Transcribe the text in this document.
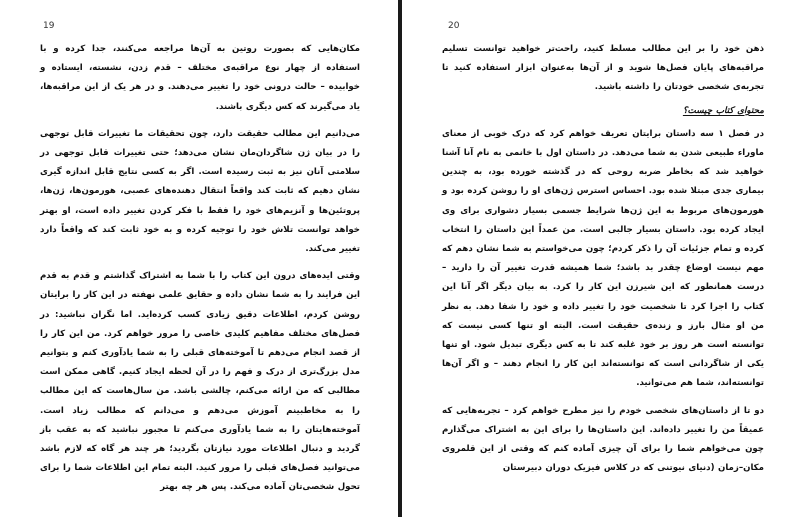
19

مکان‌هایی که بصورت روتین به آن‌ها مراجعه می‌کنند، جدا کرده و با استفاده از چهار نوع مراقبه‌ی مختلف – قدم زدن، نشسته، ایستاده و خوابیده – حالت درونی خود را تغییر می‌دهند. و در هر یک از این مراقبه‌ها، یاد می‌گیرند که کس دیگری باشند.

می‌دانیم این مطالب حقیقت دارد، چون تحقیقات ما تغییرات قابل توجهی را در بیان ژن شاگردان‌مان نشان می‌دهد؛ حتی تغییرات قابل توجهی در سلامتی آنان نیز به ثبت رسیده است. اگر به کسی نتایج قابل اندازه گیری نشان دهیم که ثابت کند واقعاً انتقال دهنده‌های عصبی، هورمون‌ها، ژن‌ها، پروتئین‌ها و آنزیم‌های خود را فقط با فکر کردن تغییر داده است، او بهتر خواهد توانست تلاش خود را توجیه کرده و به خود ثابت کند که واقعاً دارد تغییر می‌کند.

وقتی ایده‌های درون این کتاب را با شما به اشتراک گذاشتم و قدم به قدم این فرایند را به شما نشان داده و حقایق علمی نهفته در این کار را برایتان روشن کردم، اطلاعات دقیق زیادی کسب کرده‌اید. اما نگران نباشید: در فصل‌های مختلف مفاهیم کلیدی خاصی را مرور خواهم کرد. من این کار را از قصد انجام می‌دهم تا آموخته‌های قبلی را به شما یادآوری کنم و بتوانیم مدل بزرگ‌تری از درک و فهم را در آن لحظه ایجاد کنیم. گاهی ممکن است مطالبی که من ارائه می‌کنم، چالشی باشد. من سال‌هاست که این مطالب را به مخاطبینم آموزش می‌دهم و می‌دانم که مطالب زیاد است. آموخته‌هایتان را به شما یادآوری می‌کنم تا مجبور نباشید که به عقب باز گردید و دنبال اطلاعات مورد نیازتان بگردید؛ هر چند هر گاه که لازم باشد می‌توانید فصل‌های قبلی را مرور کنید. البته تمام این اطلاعات شما را برای تحول شخصی‌تان آماده می‌کند. پس هر چه بهتر

20

ذهن خود را بر این مطالب مسلط کنید، راحت‌تر خواهید توانست تسلیم مراقبه‌های پایان فصل‌ها شوید و از آن‌ها به‌عنوان ابزار استفاده کنید تا تجربه‌ی شخصی خودتان را داشته باشید.

محتوای کتاب چیست؟

در فصل ۱ سه داستان برایتان تعریف خواهم کرد که درک خوبی از معنای ماوراء طبیعی شدن به شما می‌دهد. در داستان اول با خانمی به نام آنا آشنا خواهید شد که بخاطر ضربه روحی که در گذشته خورده بود، به چندین بیماری جدی مبتلا شده بود. احساس استرس ژن‌های او را روشن کرده بود و هورمون‌های مربوط به این ژن‌ها شرایط جسمی بسیار دشواری برای وی ایجاد کرده بود. داستان بسیار جالبی است. من عمداً این داستان را انتخاب کرده و تمام جزئیات آن را ذکر کردم؛ چون می‌خواستم به شما نشان دهم که مهم نیست اوضاع چقدر بد باشد؛ شما همیشه قدرت تغییر آن را دارید – درست همانطور که این شیرزن این کار را کرد. به بیان دیگر اگر آنا این کتاب را اجرا کرد تا شخصیت خود را تغییر داده و خود را شفا دهد. به نظر من او مثال بارز و زنده‌ی حقیقت است. البته او تنها کسی نیست که توانسته است هر روز بر خود غلبه کند تا به کس دیگری تبدیل شود. او تنها یکی از شاگردانی است که توانسته‌اند این کار را انجام دهند – و اگر آن‌ها توانسته‌اند، شما هم می‌توانید.

دو تا از داستان‌های شخصی خودم را نیز مطرح خواهم کرد – تجربه‌هایی که عمیقاً من را تغییر داده‌اند. این داستان‌ها را برای این به اشتراک می‌گذارم چون می‌خواهم شما را برای آن چیزی آماده کنم که وقتی از این قلمروی مکان–زمان (دنیای نیوتنی که در کلاس فیزیک دوران دبیرستان
